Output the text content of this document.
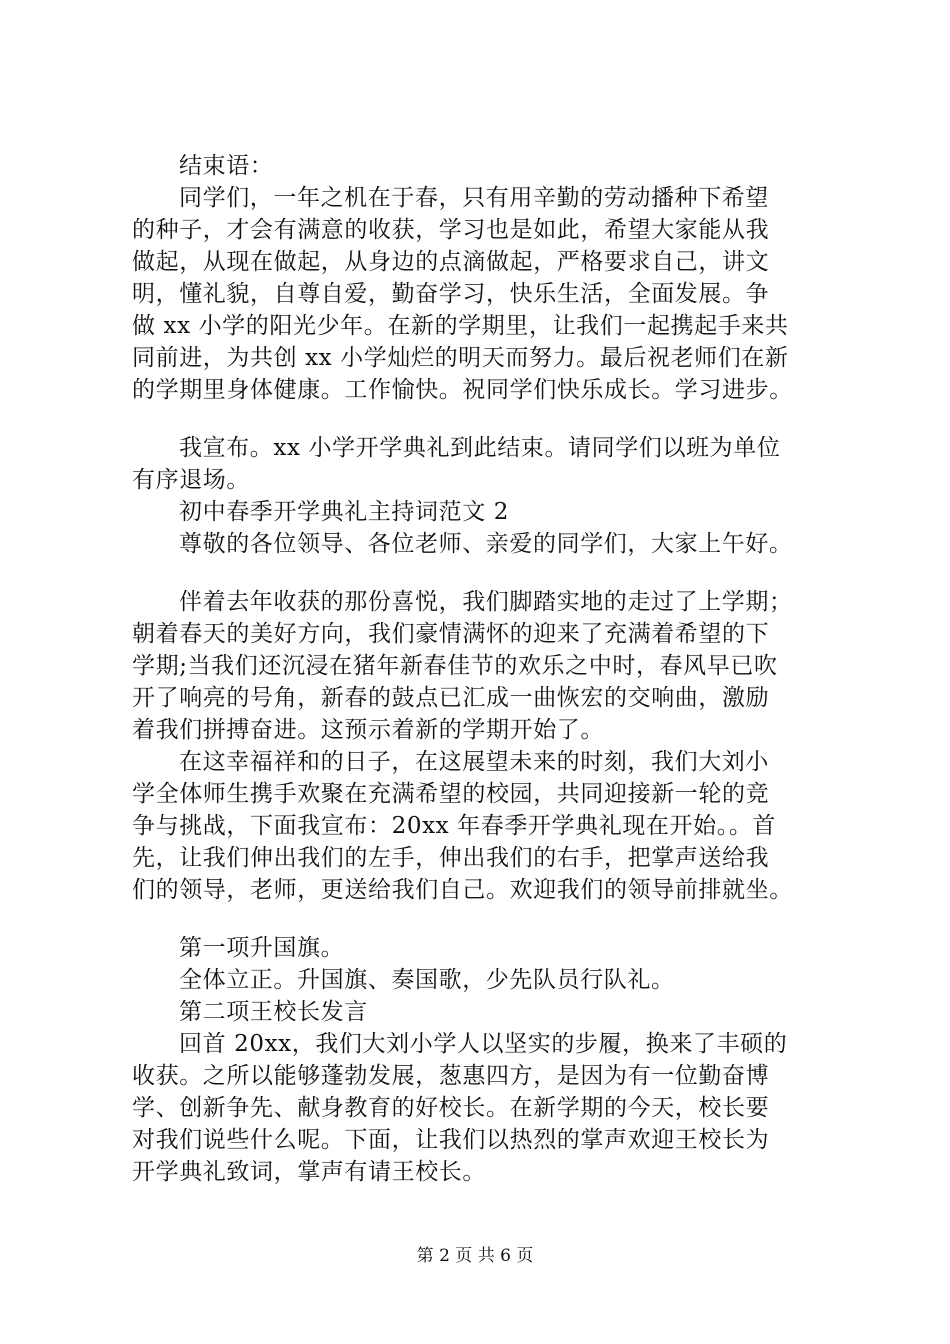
结束语：
同学们，一年之机在于春，只有用辛勤的劳动播种下希望
的种子，才会有满意的收获，学习也是如此，希望大家能从我
做起，从现在做起，从身边的点滴做起，严格要求自己，讲文
明，懂礼貌，自尊自爱，勤奋学习，快乐生活，全面发展。争
做 xx 小学的阳光少年。在新的学期里，让我们一起携起手来共
同前进，为共创 xx 小学灿烂的明天而努力。最后祝老师们在新
的学期里身体健康。工作愉快。祝同学们快乐成长。学习进步。
我宣布。xx 小学开学典礼到此结束。请同学们以班为单位
有序退场。
初中春季开学典礼主持词范文 2
尊敬的各位领导、各位老师、亲爱的同学们，大家上午好。
伴着去年收获的那份喜悦，我们脚踏实地的走过了上学期；
朝着春天的美好方向，我们豪情满怀的迎来了充满着希望的下
学期;当我们还沉浸在猪年新春佳节的欢乐之中时，春风早已吹
开了响亮的号角，新春的鼓点已汇成一曲恢宏的交响曲，激励
着我们拼搏奋进。这预示着新的学期开始了。
在这幸福祥和的日子，在这展望未来的时刻，我们大刘小
学全体师生携手欢聚在充满希望的校园，共同迎接新一轮的竞
争与挑战，下面我宣布：20xx 年春季开学典礼现在开始。。首
先，让我们伸出我们的左手，伸出我们的右手，把掌声送给我
们的领导，老师，更送给我们自己。欢迎我们的领导前排就坐。
第一项升国旗。
全体立正。升国旗、奏国歌，少先队员行队礼。
第二项王校长发言
回首 20xx，我们大刘小学人以坚实的步履，换来了丰硕的
收获。之所以能够蓬勃发展，葱惠四方，是因为有一位勤奋博
学、创新争先、献身教育的好校长。在新学期的今天，校长要
对我们说些什么呢。下面，让我们以热烈的掌声欢迎王校长为
开学典礼致词，掌声有请王校长。
第 2 页 共 6 页
